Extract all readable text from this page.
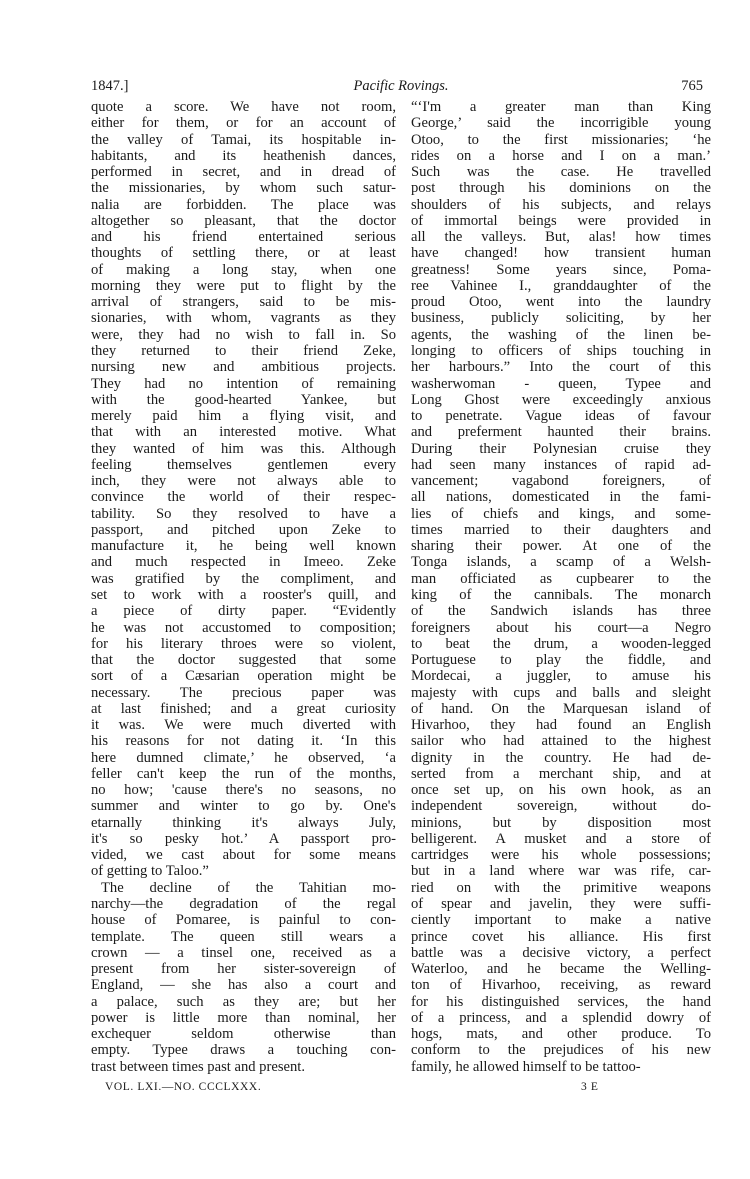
1847.]	Pacific Rovings.	765
quote a score. We have not room,
either for them, or for an account of
the valley of Tamai, its hospitable in-
habitants, and its heathenish dances,
performed in secret, and in dread of
the missionaries, by whom such satur-
nalia are forbidden. The place was
altogether so pleasant, that the doctor
and his friend entertained serious
thoughts of settling there, or at least
of making a long stay, when one
morning they were put to flight by the
arrival of strangers, said to be mis-
sionaries, with whom, vagrants as they
were, they had no wish to fall in. So
they returned to their friend Zeke,
nursing new and ambitious projects.
They had no intention of remaining
with the good-hearted Yankee, but
merely paid him a flying visit, and
that with an interested motive. What
they wanted of him was this. Although
feeling themselves gentlemen every
inch, they were not always able to
convince the world of their respec-
tability. So they resolved to have a
passport, and pitched upon Zeke to
manufacture it, he being well known
and much respected in Imeeo. Zeke
was gratified by the compliment, and
set to work with a rooster's quill, and
a piece of dirty paper. “Evidently
he was not accustomed to composition;
for his literary throes were so violent,
that the doctor suggested that some
sort of a Cæsarian operation might be
necessary. The precious paper was
at last finished; and a great curiosity
it was. We were much diverted with
his reasons for not dating it. ‘In this
here dumned climate,’ he observed, ‘a
feller can't keep the run of the months,
no how; 'cause there's no seasons, no
summer and winter to go by. One's
etarnally thinking it's always July,
it's so pesky hot.’ A passport pro-
vided, we cast about for some means
of getting to Taloo.”
The decline of the Tahitian mo-
narchy—the degradation of the regal
house of Pomaree, is painful to con-
template. The queen still wears a
crown — a tinsel one, received as a
present from her sister-sovereign of
England, — she has also a court and
a palace, such as they are; but her
power is little more than nominal, her
exchequer seldom otherwise than
empty. Typee draws a touching con-
trast between times past and present.
“‘I'm a greater man than King
George,’ said the incorrigible young
Otoo, to the first missionaries; ‘he
rides on a horse and I on a man.’
Such was the case. He travelled
post through his dominions on the
shoulders of his subjects, and relays
of immortal beings were provided in
all the valleys. But, alas! how times
have changed! how transient human
greatness! Some years since, Poma-
ree Vahinee I., granddaughter of the
proud Otoo, went into the laundry
business, publicly soliciting, by her
agents, the washing of the linen be-
longing to officers of ships touching in
her harbours.” Into the court of this
washerwoman - queen, Typee and
Long Ghost were exceedingly anxious
to penetrate. Vague ideas of favour
and preferment haunted their brains.
During their Polynesian cruise they
had seen many instances of rapid ad-
vancement; vagabond foreigners, of
all nations, domesticated in the fami-
lies of chiefs and kings, and some-
times married to their daughters and
sharing their power. At one of the
Tonga islands, a scamp of a Welsh-
man officiated as cupbearer to the
king of the cannibals. The monarch
of the Sandwich islands has three
foreigners about his court—a Negro
to beat the drum, a wooden-legged
Portuguese to play the fiddle, and
Mordecai, a juggler, to amuse his
majesty with cups and balls and sleight
of hand. On the Marquesan island of
Hivarhoo, they had found an English
sailor who had attained to the highest
dignity in the country. He had de-
serted from a merchant ship, and at
once set up, on his own hook, as an
independent sovereign, without do-
minions, but by disposition most
belligerent. A musket and a store of
cartridges were his whole possessions;
but in a land where war was rife, car-
ried on with the primitive weapons
of spear and javelin, they were suffi-
ciently important to make a native
prince covet his alliance. His first
battle was a decisive victory, a perfect
Waterloo, and he became the Welling-
ton of Hivarhoo, receiving, as reward
for his distinguished services, the hand
of a princess, and a splendid dowry of
hogs, mats, and other produce. To
conform to the prejudices of his new
family, he allowed himself to be tattoo-
VOL. LXI.—NO. CCCLXXX.	3 E
